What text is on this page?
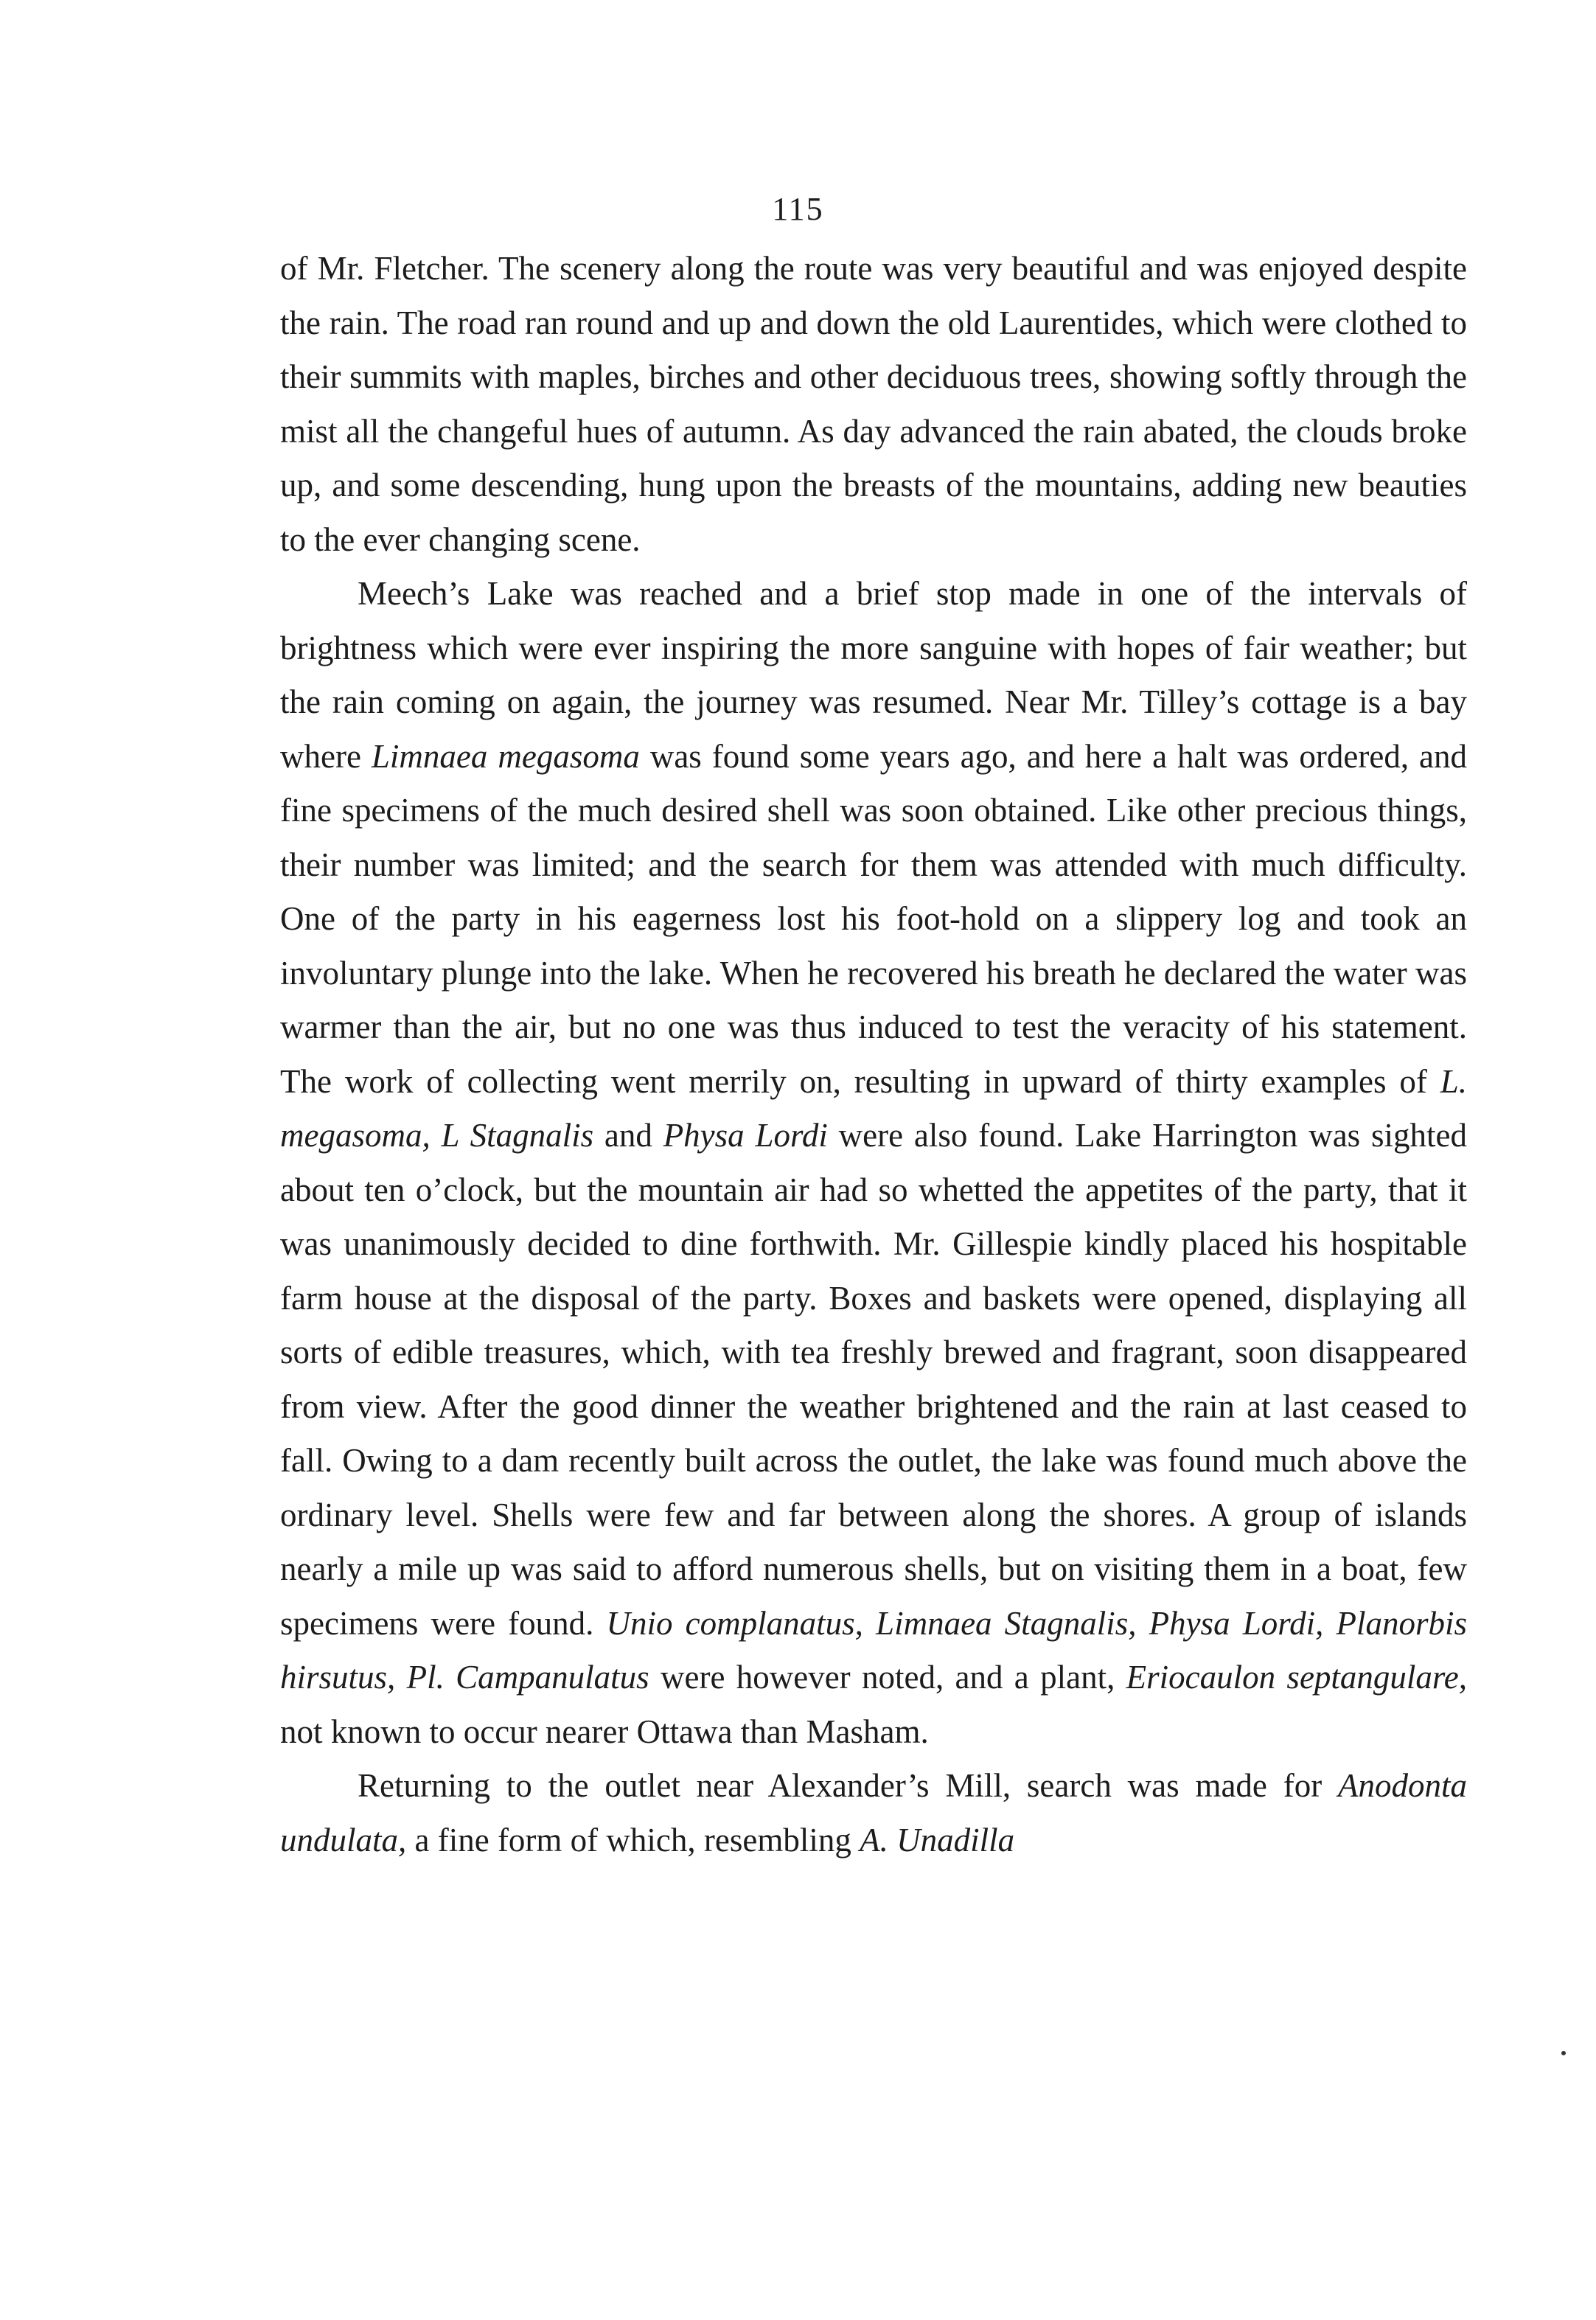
115

of Mr. Fletcher. The scenery along the route was very beautiful and was enjoyed despite the rain. The road ran round and up and down the old Laurentides, which were clothed to their summits with maples, birches and other deciduous trees, showing softly through the mist all the changeful hues of autumn. As day advanced the rain abated, the clouds broke up, and some descending, hung upon the breasts of the mountains, adding new beauties to the ever changing scene.

Meech’s Lake was reached and a brief stop made in one of the intervals of brightness which were ever inspiring the more sanguine with hopes of fair weather; but the rain coming on again, the journey was resumed. Near Mr. Tilley’s cottage is a bay where Limnaea megasoma was found some years ago, and here a halt was ordered, and fine specimens of the much desired shell was soon obtained. Like other precious things, their number was limited; and the search for them was attended with much difficulty. One of the party in his eagerness lost his foot-hold on a slippery log and took an involuntary plunge into the lake. When he recovered his breath he declared the water was warmer than the air, but no one was thus induced to test the veracity of his statement. The work of collecting went merrily on, resulting in upward of thirty examples of L. megasoma, L Stagnalis and Physa Lordi were also found. Lake Harrington was sighted about ten o’clock, but the mountain air had so whetted the appetites of the party, that it was unanimously decided to dine forthwith. Mr. Gillespie kindly placed his hospitable farm house at the disposal of the party. Boxes and baskets were opened, displaying all sorts of edible treasures, which, with tea freshly brewed and fragrant, soon disappeared from view. After the good dinner the weather brightened and the rain at last ceased to fall. Owing to a dam recently built across the outlet, the lake was found much above the ordinary level. Shells were few and far between along the shores. A group of islands nearly a mile up was said to afford numerous shells, but on visiting them in a boat, few specimens were found. Unio complanatus, Limnaea Stagnalis, Physa Lordi, Planorbis hirsutus, Pl. Campanulatus were however noted, and a plant, Eriocaulon septangulare, not known to occur nearer Ottawa than Masham.

Returning to the outlet near Alexander’s Mill, search was made for Anodonta undulata, a fine form of which, resembling A. Unadilla
